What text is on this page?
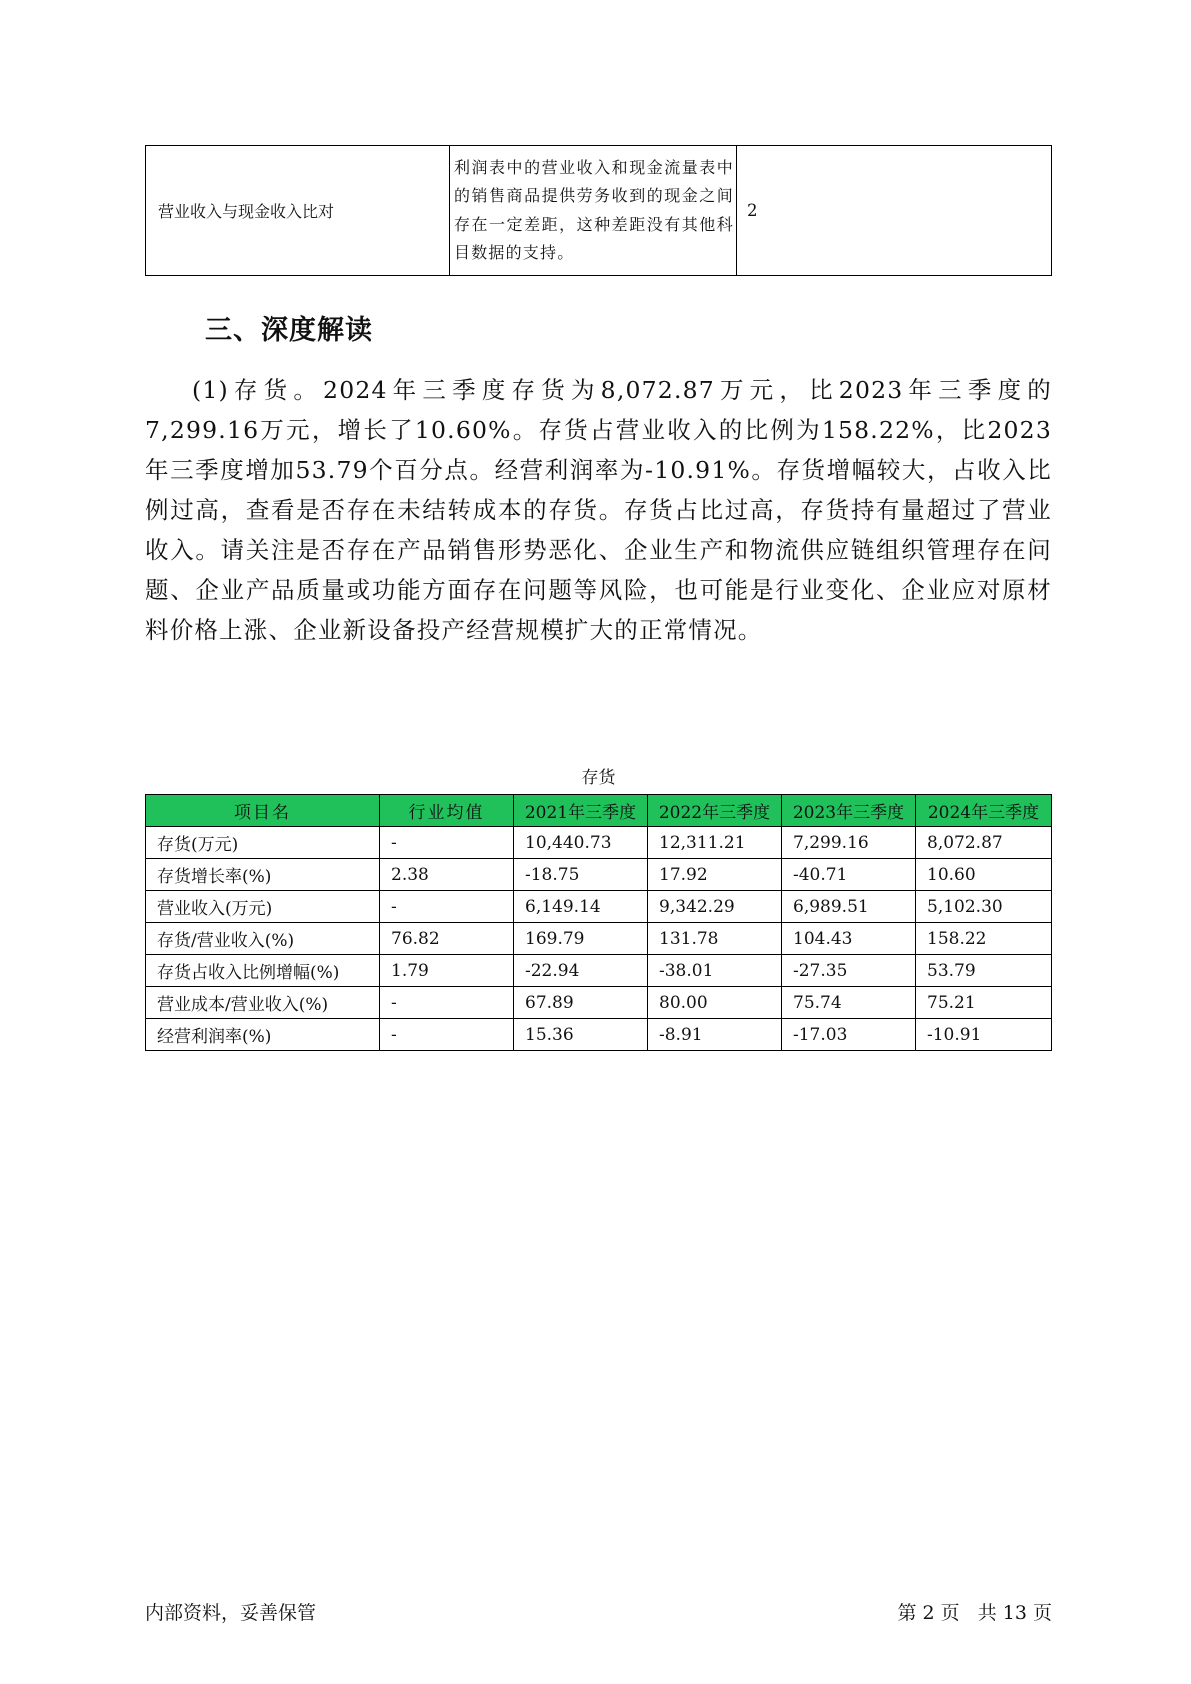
营业收入与现金收入比对	利润表中的营业收入和现金流量表中的销售商品提供劳务收到的现金之间存在一定差距，这种差距没有其他科目数据的支持。	2
三、深度解读

(1)存货。2024年三季度存货为8,072.87万元，比2023年三季度的7,299.16万元，增长了10.60%。存货占营业收入的比例为158.22%，比2023年三季度增加53.79个百分点。经营利润率为-10.91%。存货增幅较大，占收入比例过高，查看是否存在未结转成本的存货。存货占比过高，存货持有量超过了营业收入。请关注是否存在产品销售形势恶化、企业生产和物流供应链组织管理存在问题、企业产品质量或功能方面存在问题等风险，也可能是行业变化、企业应对原材料价格上涨、企业新设备投产经营规模扩大的正常情况。

存货
项目名	行业均值	2021年三季度	2022年三季度	2023年三季度	2024年三季度
存货(万元)	-	10,440.73	12,311.21	7,299.16	8,072.87
存货增长率(%)	2.38	-18.75	17.92	-40.71	10.60
营业收入(万元)	-	6,149.14	9,342.29	6,989.51	5,102.30
存货/营业收入(%)	76.82	169.79	131.78	104.43	158.22
存货占收入比例增幅(%)	1.79	-22.94	-38.01	-27.35	53.79
营业成本/营业收入(%)	-	67.89	80.00	75.74	75.21
经营利润率(%)	-	15.36	-8.91	-17.03	-10.91
内部资料，妥善保管	第 2 页   共 13 页
